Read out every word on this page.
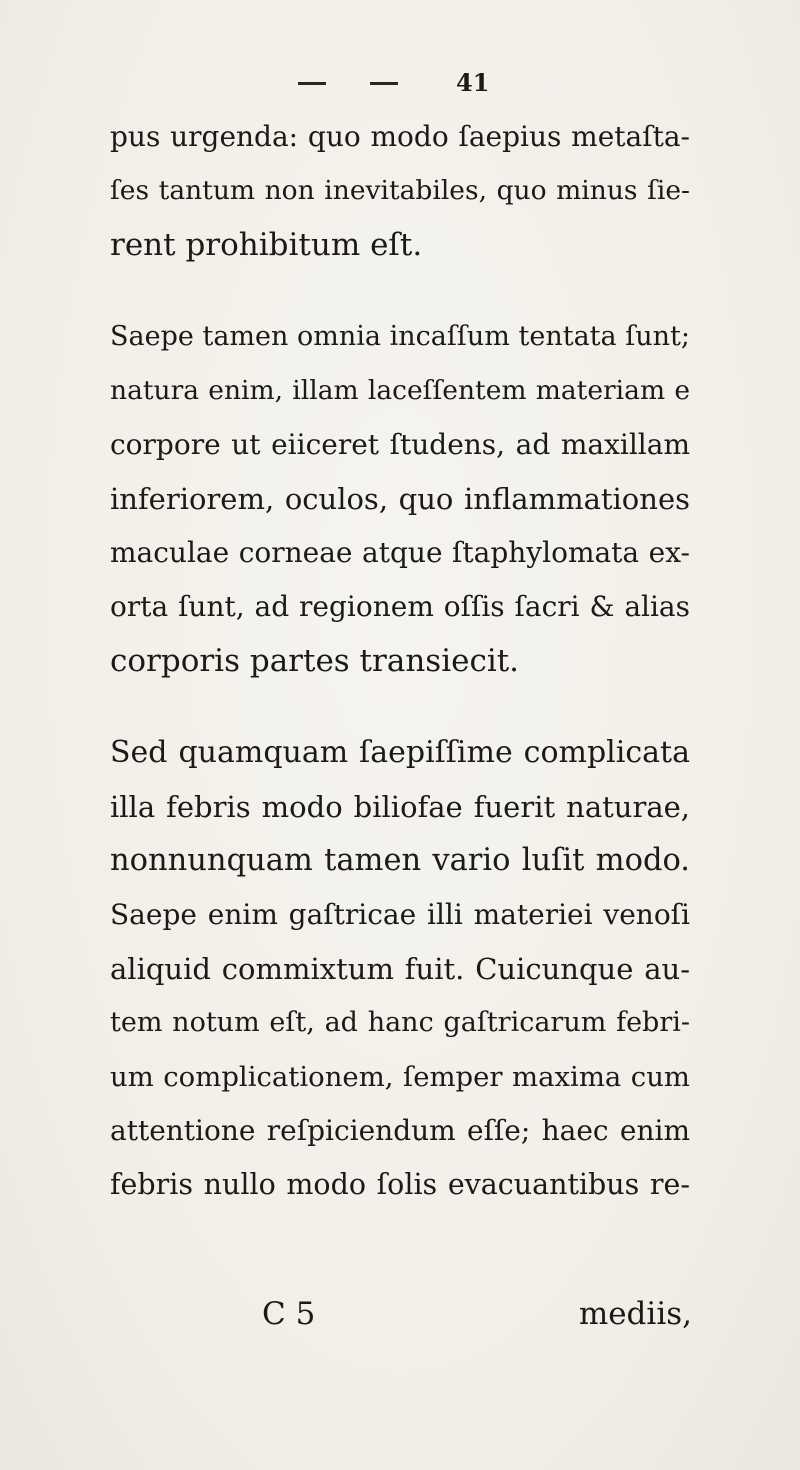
41
pus urgenda: quo modo ſaepius metaſta-
ſes tantum non inevitabiles, quo minus ſie-
rent prohibitum eſt.
Saepe tamen omnia incaſſum tentata ſunt;
natura enim, illam laceſſentem materiam e
corpore ut eiiceret ſtudens, ad maxillam
inferiorem, oculos, quo inflammationes
maculae corneae atque ſtaphylomata ex-
orta ſunt, ad regionem oſſis ſacri & alias
corporis partes transiecit.
Sed quamquam ſaepiſſime complicata
illa febris modo biliofae fuerit naturae,
nonnunquam tamen vario luſit modo.
Saepe enim gaſtricae illi materiei venoſi
aliquid commixtum fuit. Cuicunque au-
tem notum eſt, ad hanc gaſtricarum febri-
um complicationem, ſemper maxima cum
attentione reſpiciendum eſſe; haec enim
febris nullo modo ſolis evacuantibus re-
C 5	mediis,
